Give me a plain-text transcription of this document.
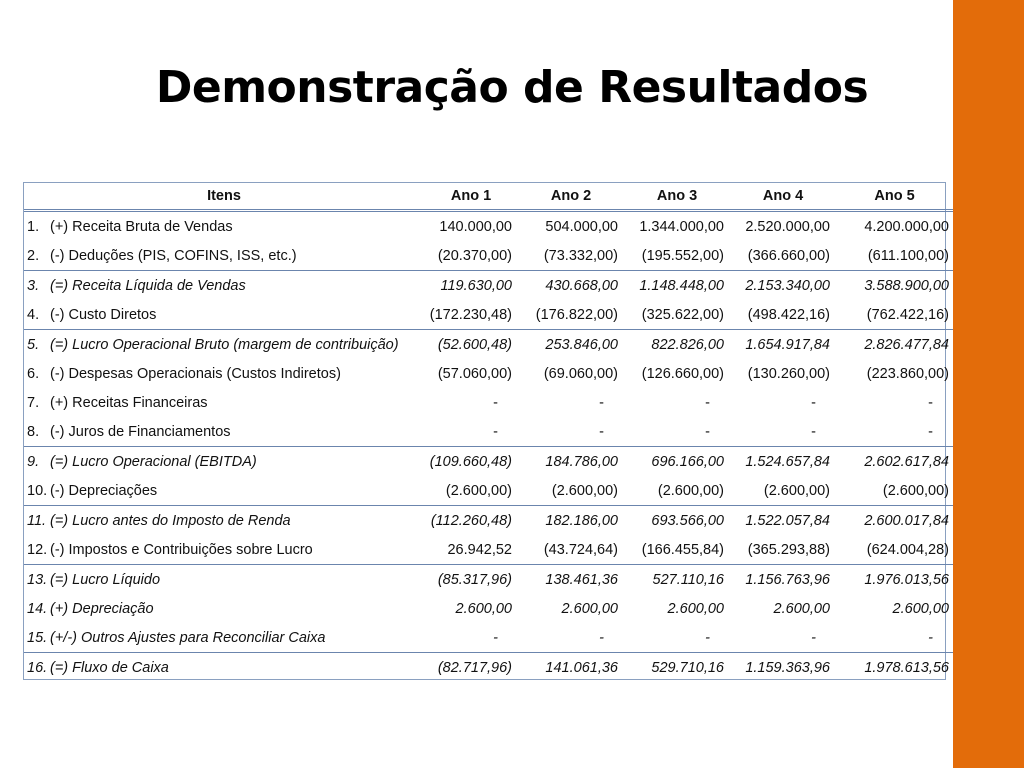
Demonstração de Resultados
Itens		Ano 1	Ano 2	Ano 3	Ano 4	Ano 5
1.	(+) Receita Bruta de Vendas	140.000,00	504.000,00	1.344.000,00	2.520.000,00	4.200.000,00
2.	(-) Deduções (PIS, COFINS, ISS, etc.)	(20.370,00)	(73.332,00)	(195.552,00)	(366.660,00)	(611.100,00)
3.	(=) Receita Líquida de Vendas	119.630,00	430.668,00	1.148.448,00	2.153.340,00	3.588.900,00
4.	(-) Custo Diretos	(172.230,48)	(176.822,00)	(325.622,00)	(498.422,16)	(762.422,16)
5.	(=) Lucro Operacional Bruto (margem de contribuição)	(52.600,48)	253.846,00	822.826,00	1.654.917,84	2.826.477,84
6.	(-) Despesas Operacionais (Custos Indiretos)	(57.060,00)	(69.060,00)	(126.660,00)	(130.260,00)	(223.860,00)
7.	(+) Receitas Financeiras	-	-	-	-	-
8.	(-) Juros de Financiamentos	-	-	-	-	-
9.	(=) Lucro Operacional (EBITDA)	(109.660,48)	184.786,00	696.166,00	1.524.657,84	2.602.617,84
10.	(-) Depreciações	(2.600,00)	(2.600,00)	(2.600,00)	(2.600,00)	(2.600,00)
11.	(=) Lucro antes do Imposto de Renda	(112.260,48)	182.186,00	693.566,00	1.522.057,84	2.600.017,84
12.	(-) Impostos e Contribuições sobre Lucro	26.942,52	(43.724,64)	(166.455,84)	(365.293,88)	(624.004,28)
13.	(=) Lucro Líquido	(85.317,96)	138.461,36	527.110,16	1.156.763,96	1.976.013,56
14.	(+) Depreciação	2.600,00	2.600,00	2.600,00	2.600,00	2.600,00
15.	(+/-) Outros Ajustes para Reconciliar Caixa	-	-	-	-	-
16.	(=) Fluxo de Caixa	(82.717,96)	141.061,36	529.710,16	1.159.363,96	1.978.613,56
